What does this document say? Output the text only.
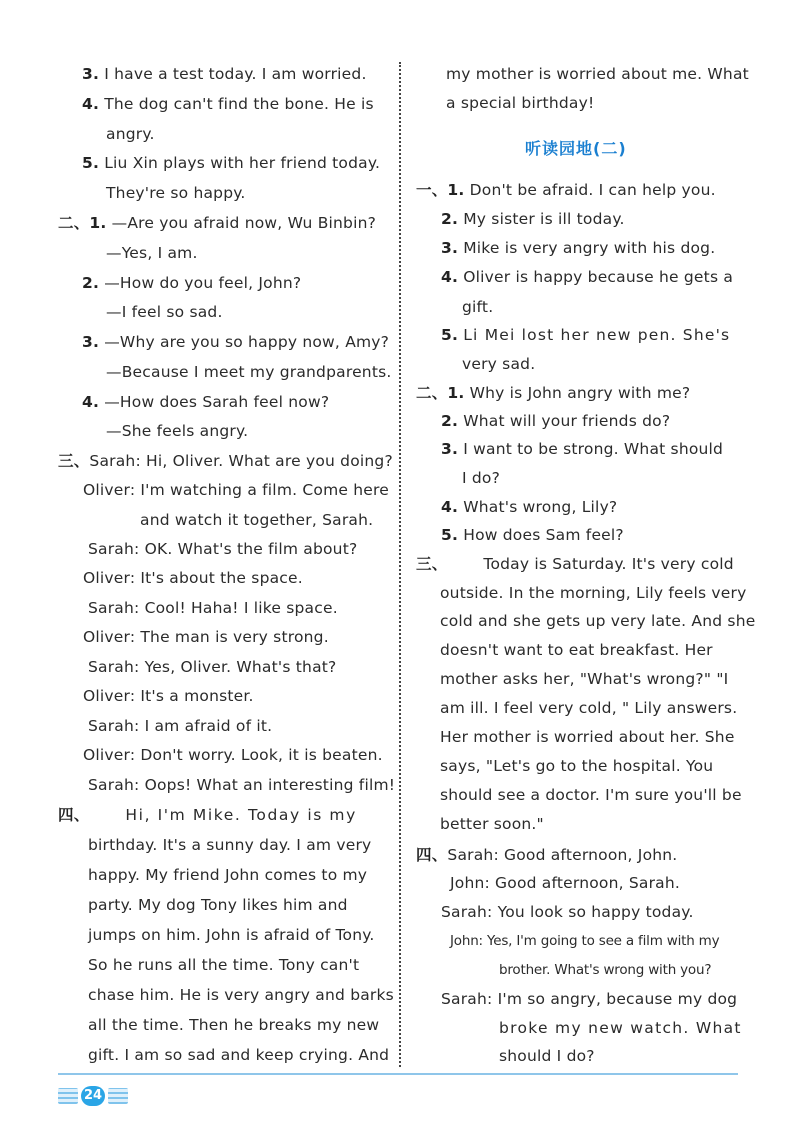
3. I have a test today. I am worried.
4. The dog can't find the bone. He is
angry.
5. Liu Xin plays with her friend today.
They're so happy.
二、1. —Are you afraid now, Wu Binbin?
—Yes, I am.
2. —How do you feel, John?
—I feel so sad.
3. —Why are you so happy now, Amy?
—Because I meet my grandparents.
4. —How does Sarah feel now?
—She feels angry.
三、Sarah: Hi, Oliver. What are you doing?
Oliver: I'm watching a film. Come here
and watch it together, Sarah.
Sarah: OK. What's the film about?
Oliver: It's about the space.
Sarah: Cool! Haha! I like space.
Oliver: The man is very strong.
Sarah: Yes, Oliver. What's that?
Oliver: It's a monster.
Sarah: I am afraid of it.
Oliver: Don't worry. Look, it is beaten.
Sarah: Oops! What an interesting film!
四、 Hi, I'm Mike. Today is my
birthday. It's a sunny day. I am very
happy. My friend John comes to my
party. My dog Tony likes him and
jumps on him. John is afraid of Tony.
So he runs all the time. Tony can't
chase him. He is very angry and barks
all the time. Then he breaks my new
gift. I am so sad and keep crying. And
my mother is worried about me. What
a special birthday!
听读园地(二)
一、1. Don't be afraid. I can help you.
2. My sister is ill today.
3. Mike is very angry with his dog.
4. Oliver is happy because he gets a
gift.
5. Li Mei lost her new pen. She's
very sad.
二、1. Why is John angry with me?
2. What will your friends do?
3. I want to be strong. What should
I do?
4. What's wrong, Lily?
5. How does Sam feel?
三、 Today is Saturday. It's very cold
outside. In the morning, Lily feels very
cold and she gets up very late. And she
doesn't want to eat breakfast. Her
mother asks her, "What's wrong?" "I
am ill. I feel very cold, " Lily answers.
Her mother is worried about her. She
says, "Let's go to the hospital. You
should see a doctor. I'm sure you'll be
better soon."
四、Sarah: Good afternoon, John.
John: Good afternoon, Sarah.
Sarah: You look so happy today.
John: Yes, I'm going to see a film with my
brother. What's wrong with you?
Sarah: I'm so angry, because my dog
broke my new watch. What
should I do?
24
